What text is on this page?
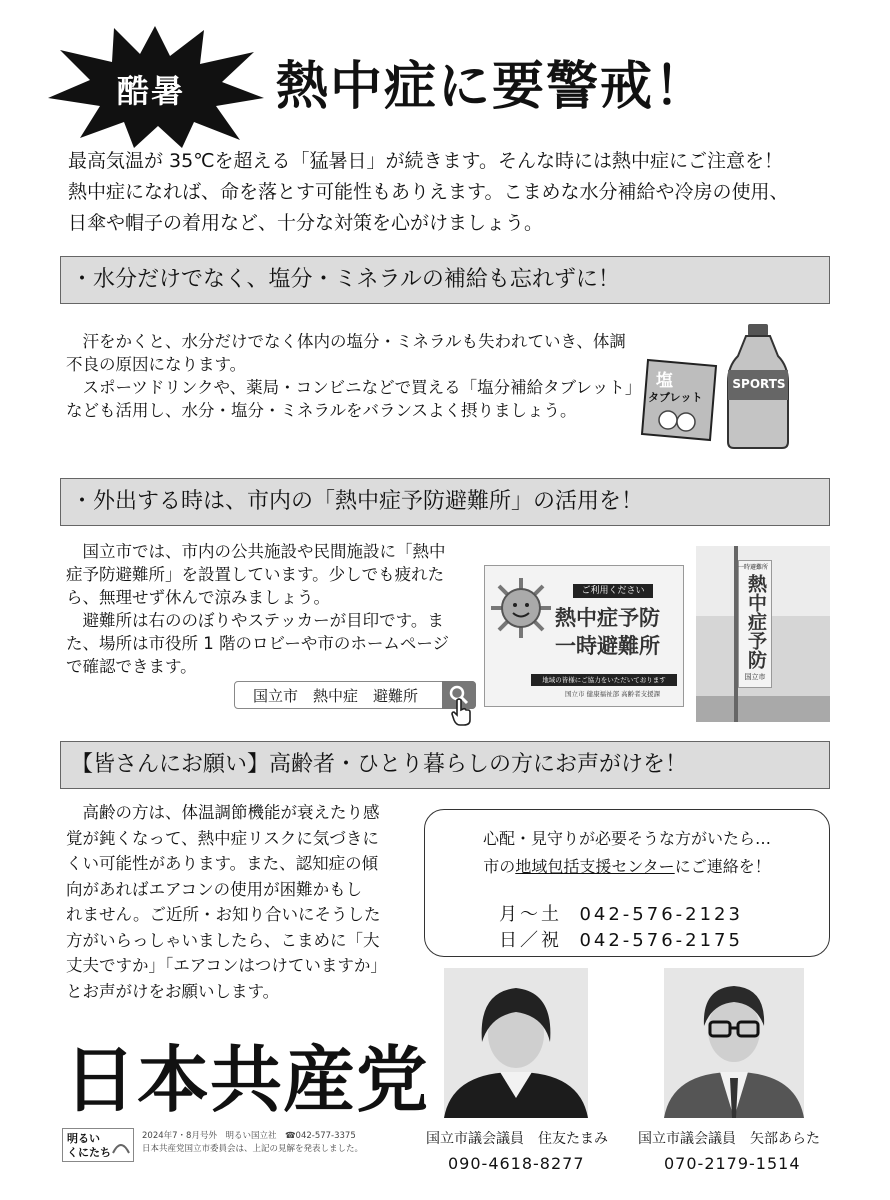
酷暑	熱中症に要警戒！

最高気温が 35℃を超える「猛暑日」が続きます。そんな時には熱中症にご注意を！

熱中症になれば、命を落とす可能性もありえます。こまめな水分補給や冷房の使用、

日傘や帽子の着用など、十分な対策を心がけましょう。

・水分だけでなく、塩分・ミネラルの補給も忘れずに！

　汗をかくと、水分だけでなく体内の塩分・ミネラルも失われていき、体調

不良の原因になります。

　スポーツドリンクや、薬局・コンビニなどで買える「塩分補給タブレット」

なども活用し、水分・塩分・ミネラルをバランスよく摂りましょう。

塩
タブレット
SPORTS
・外出する時は、市内の「熱中症予防避難所」の活用を！

　国立市では、市内の公共施設や民間施設に「熱中

症予防避難所」を設置しています。少しでも疲れた

ら、無理せず休んで涼みましょう。

　避難所は右ののぼりやステッカーが目印です。ま

た、場所は市役所 1 階のロビーや市のホームページ

で確認できます。

国立市　熱中症　避難所
ご利用ください
熱中症予防
一時避難所
地域の皆様にご協力をいただいております
国立市 健康福祉部 高齢者支援課
一時避難所
熱中症予防
国立市
【皆さんにお願い】高齢者・ひとり暮らしの方にお声がけを！

　高齢の方は、体温調節機能が衰えたり感

覚が鈍くなって、熱中症リスクに気づきに

くい可能性があります。また、認知症の傾

向があればエアコンの使用が困難かもし

れません。ご近所・お知り合いにそうした

方がいらっしゃいましたら、こまめに「大

丈夫ですか」「エアコンはつけていますか」

とお声がけをお願いします。

心配・見守りが必要そうな方がいたら…
市の地域包括支援センターにご連絡を！
月～土 042-576-2123
日／祝 042-576-2175
日本共産党
明るい
くにたち
2024年7・8月号外　明るい国立社　☎042-577-3375
日本共産党国立市委員会は、上記の見解を発表しました。
国立市議会議員　住友たまみ
090-4618-8277
国立市議会議員　矢部あらた
070-2179-1514
